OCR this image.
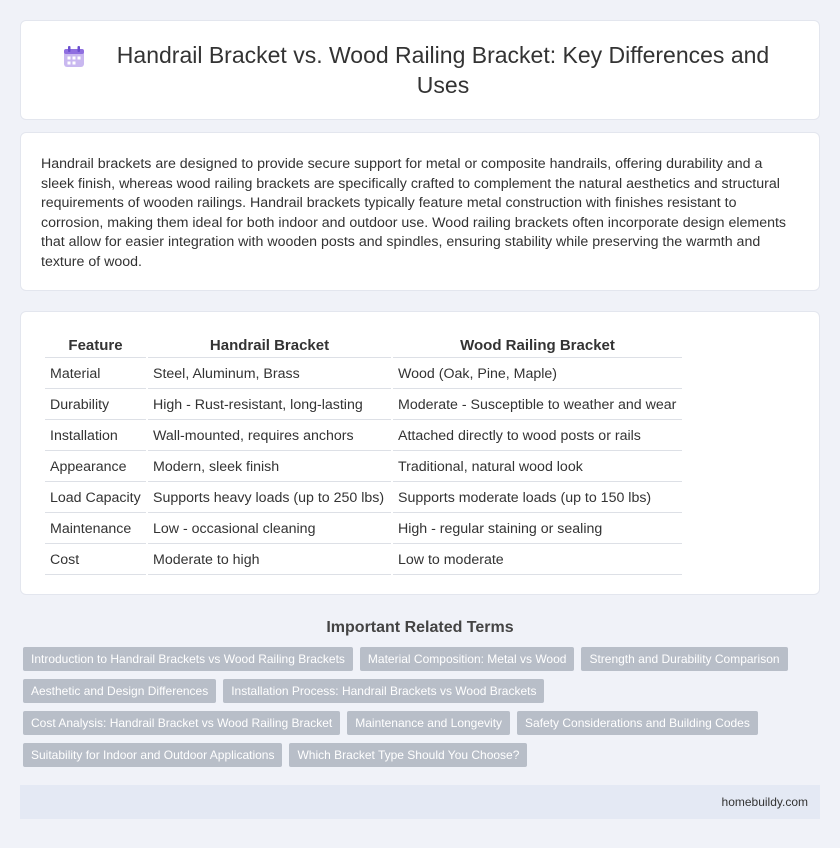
Handrail Bracket vs. Wood Railing Bracket: Key Differences and Uses

Handrail brackets are designed to provide secure support for metal or composite handrails, offering durability and a sleek finish, whereas wood railing brackets are specifically crafted to complement the natural aesthetics and structural requirements of wooden railings. Handrail brackets typically feature metal construction with finishes resistant to corrosion, making them ideal for both indoor and outdoor use. Wood railing brackets often incorporate design elements that allow for easier integration with wooden posts and spindles, ensuring stability while preserving the warmth and texture of wood.

Feature	Handrail Bracket	Wood Railing Bracket
Material	Steel, Aluminum, Brass	Wood (Oak, Pine, Maple)
Durability	High - Rust-resistant, long-lasting	Moderate - Susceptible to weather and wear
Installation	Wall-mounted, requires anchors	Attached directly to wood posts or rails
Appearance	Modern, sleek finish	Traditional, natural wood look
Load Capacity	Supports heavy loads (up to 250 lbs)	Supports moderate loads (up to 150 lbs)
Maintenance	Low - occasional cleaning	High - regular staining or sealing
Cost	Moderate to high	Low to moderate
Important Related Terms
Introduction to Handrail Brackets vs Wood Railing Brackets	Material Composition: Metal vs Wood	Strength and Durability Comparison
Aesthetic and Design Differences	Installation Process: Handrail Brackets vs Wood Brackets
Cost Analysis: Handrail Bracket vs Wood Railing Bracket	Maintenance and Longevity	Safety Considerations and Building Codes
Suitability for Indoor and Outdoor Applications	Which Bracket Type Should You Choose?
homebuildy.com
